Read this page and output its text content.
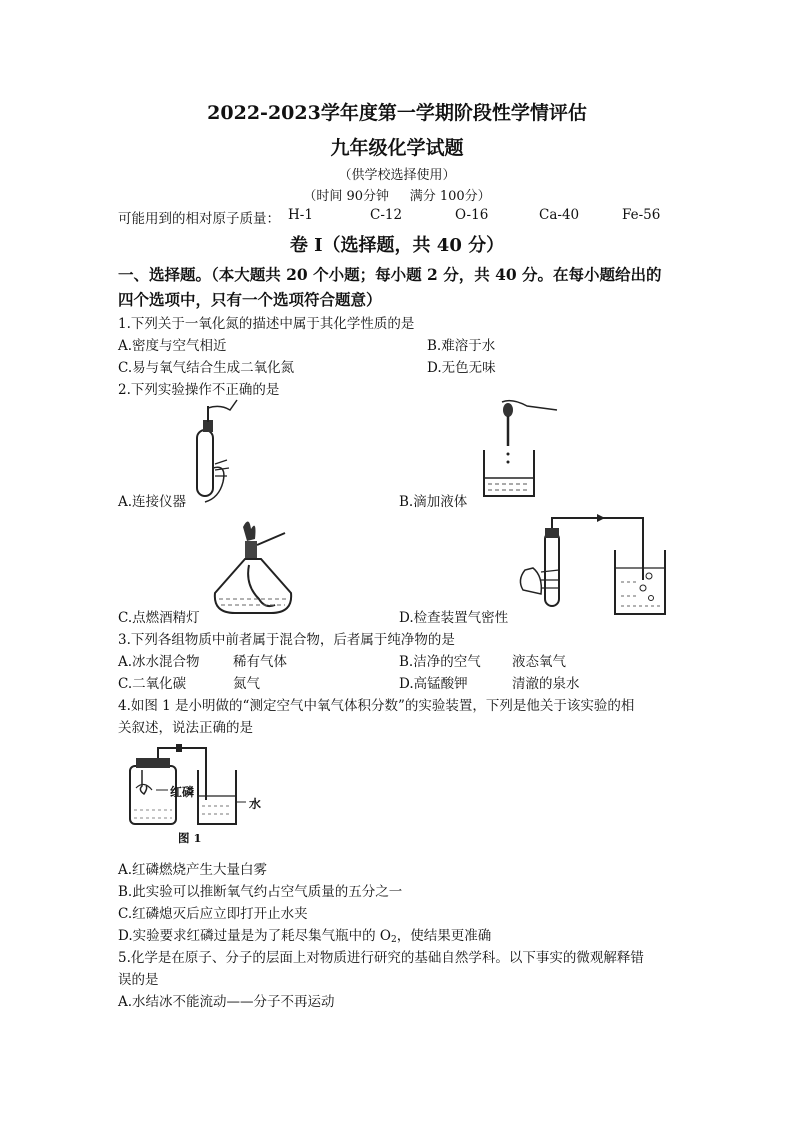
2022-2023学年度第一学期阶段性学情评估
九年级化学试题
（供学校选择使用）
（时间 90分钟 满分 100分）
可能用到的相对原子质量： H-1	C-12	O-16	Ca-40	Fe-56
卷 I（选择题，共 40 分）
一、选择题。（本大题共 20 个小题；每小题 2 分，共 40 分。在每小题给出的
四个选项中，只有一个选项符合题意）
1.下列关于一氧化氮的描述中属于其化学性质的是
A.密度与空气相近	B.难溶于水
C.易与氧气结合生成二氧化氮	D.无色无味
2.下列实验操作不正确的是
A.连接仪器	B.滴加液体
C.点燃酒精灯	D.检查装置气密性
3.下列各组物质中前者属于混合物，后者属于纯净物的是
A.冰水混合物 稀有气体	B.洁净的空气 液态氧气
C.二氧化碳	氮气	D.高锰酸钾	清澈的泉水
4.如图 1 是小明做的“测定空气中氧气体积分数”的实验装置，下列是他关于该实验的相
关叙述，说法正确的是
红磷
水
图 1
A.红磷燃烧产生大量白雾
B.此实验可以推断氧气约占空气质量的五分之一
C.红磷熄灭后应立即打开止水夹
D.实验要求红磷过量是为了耗尽集气瓶中的 $O_2$，使结果更准确
5.化学是在原子、分子的层面上对物质进行研究的基础自然学科。以下事实的微观解释错
误的是
A.水结冰不能流动——分子不再运动
